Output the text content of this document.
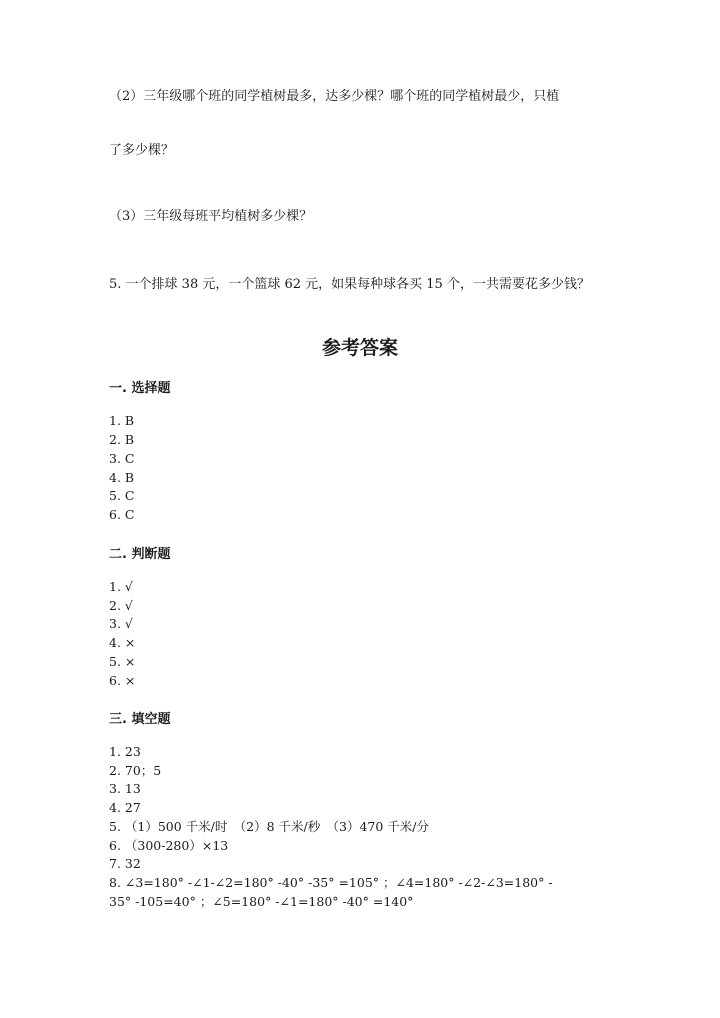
（2）三年级哪个班的同学植树最多，达多少棵？哪个班的同学植树最少，只植
了多少棵？
（3）三年级每班平均植树多少棵？
5. 一个排球 38 元，一个篮球 62 元，如果每种球各买 15 个，一共需要花多少钱？
参考答案
一. 选择题
1. B
2. B
3. C
4. B
5. C
6. C
二. 判断题
1. √
2. √
3. √
4. ×
5. ×
6. ×
三. 填空题
1. 23
2. 70；5
3. 13
4. 27
5. （1）500 千米/时　（2）8 千米/秒　（3）470 千米/分
6. （300-280）×13
7. 32
8. ∠3=180° -∠1-∠2=180° -40° -35° =105° ；∠4=180° -∠2-∠3=180° -
35° -105=40° ；∠5=180° -∠1=180° -40° =140°
